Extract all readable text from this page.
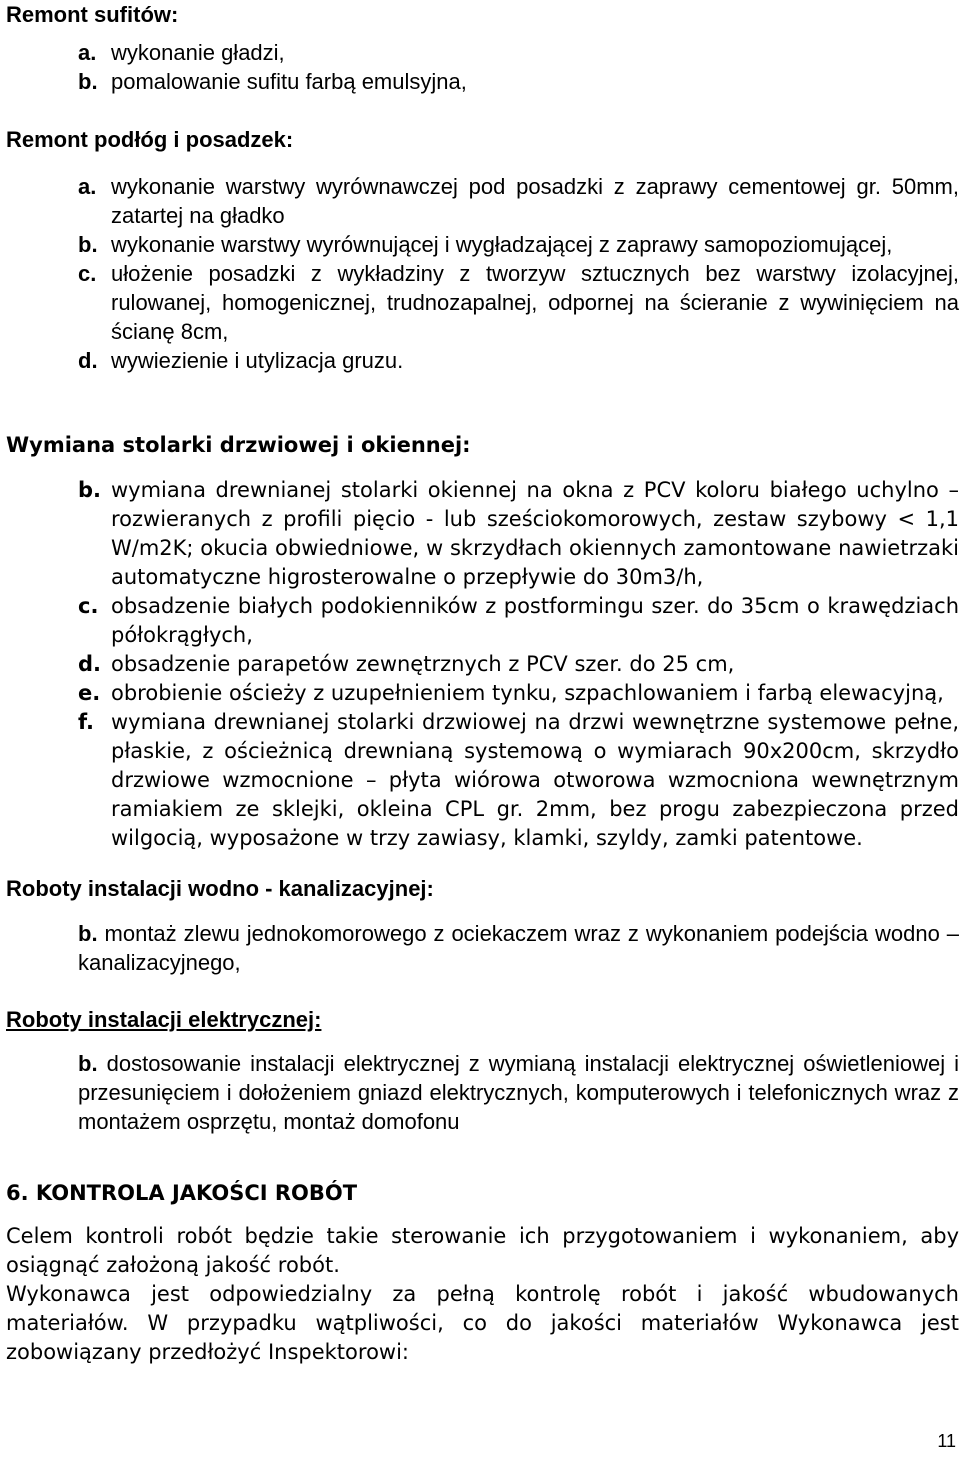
Remont sufitów:
a. wykonanie gładzi,
b. pomalowanie sufitu farbą emulsyjna,
Remont podłóg i posadzek:
a. wykonanie warstwy wyrównawczej pod posadzki z zaprawy cementowej gr. 50mm, zatartej na gładko
b. wykonanie warstwy wyrównującej i wygładzającej z zaprawy samopoziomującej,
c. ułożenie posadzki z wykładziny z tworzyw sztucznych bez warstwy izolacyjnej, rulowanej, homogenicznej, trudnozapalnej, odpornej na ścieranie z wywinięciem na ścianę 8cm,
d. wywiezienie i utylizacja gruzu.
Wymiana stolarki drzwiowej i okiennej:
b. wymiana drewnianej stolarki okiennej na okna z PCV koloru białego uchylno – rozwieranych z profili pięcio - lub sześciokomorowych, zestaw szybowy < 1,1 W/m2K; okucia obwiedniowe, w skrzydłach okiennych zamontowane nawietrzaki automatyczne higrosterowalne o przepływie do 30m3/h,
c. obsadzenie białych podokienników z postformingu szer. do 35cm o krawędziach półokrągłych,
d. obsadzenie parapetów zewnętrznych z PCV szer. do 25 cm,
e. obrobienie ościeży z uzupełnieniem tynku, szpachlowaniem i farbą elewacyjną,
f. wymiana drewnianej stolarki drzwiowej na drzwi wewnętrzne systemowe pełne, płaskie, z ościeżnicą drewnianą systemową o wymiarach 90x200cm, skrzydło drzwiowe wzmocnione – płyta wiórowa otworowa wzmocniona wewnętrznym ramiakiem ze sklejki, okleina CPL gr. 2mm, bez progu zabezpieczona przed wilgocią, wyposażone w trzy zawiasy, klamki, szyldy, zamki patentowe.
Roboty instalacji wodno - kanalizacyjnej:
b. montaż zlewu jednokomorowego z ociekaczem wraz z wykonaniem podejścia wodno – kanalizacyjnego,
Roboty instalacji elektrycznej:
b. dostosowanie instalacji elektrycznej z wymianą instalacji elektrycznej oświetleniowej i przesunięciem i dołożeniem gniazd elektrycznych, komputerowych i telefonicznych wraz z montażem osprzętu, montaż domofonu
6. KONTROLA JAKOŚCI ROBÓT

Celem kontroli robót będzie takie sterowanie ich przygotowaniem i wykonaniem, aby osiągnąć założoną jakość robót.

Wykonawca jest odpowiedzialny za pełną kontrolę robót i jakość wbudowanych materiałów. W przypadku wątpliwości, co do jakości materiałów Wykonawca jest zobowiązany przedłożyć Inspektorowi:

11
